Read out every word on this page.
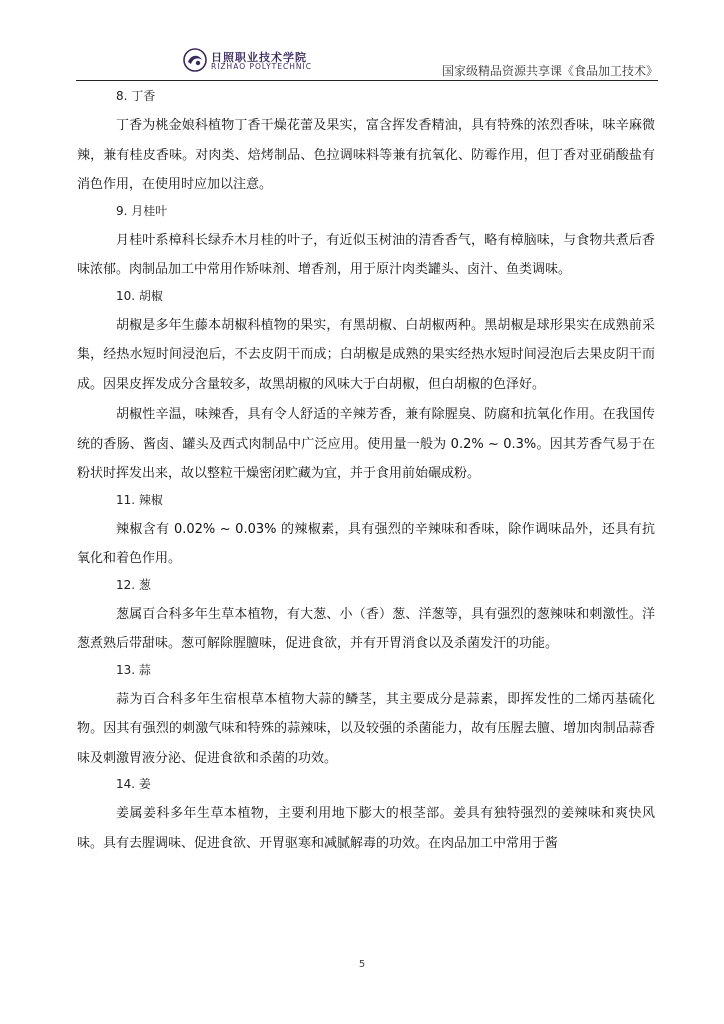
日照职业技术学院
RIZHAO POLYTECHNIC	国家级精品资源共享课《食品加工技术》
8. 丁香

丁香为桃金娘科植物丁香干燥花蕾及果实，富含挥发香精油，具有特殊的浓烈香味，味辛麻微辣，兼有桂皮香味。对肉类、焙烤制品、色拉调味料等兼有抗氧化、防霉作用，但丁香对亚硝酸盐有消色作用，在使用时应加以注意。

9. 月桂叶

月桂叶系樟科长绿乔木月桂的叶子，有近似玉树油的清香香气，略有樟脑味，与食物共煮后香味浓郁。肉制品加工中常用作矫味剂、增香剂，用于原汁肉类罐头、卤汁、鱼类调味。

10. 胡椒

胡椒是多年生藤本胡椒科植物的果实，有黑胡椒、白胡椒两种。黑胡椒是球形果实在成熟前采集，经热水短时间浸泡后，不去皮阴干而成；白胡椒是成熟的果实经热水短时间浸泡后去果皮阴干而成。因果皮挥发成分含量较多，故黑胡椒的风味大于白胡椒，但白胡椒的色泽好。

胡椒性辛温，味辣香，具有令人舒适的辛辣芳香，兼有除腥臭、防腐和抗氧化作用。在我国传统的香肠、酱卤、罐头及西式肉制品中广泛应用。使用量一般为 0.2% ~ 0.3%。因其芳香气易于在粉状时挥发出来，故以整粒干燥密闭贮藏为宜，并于食用前始碾成粉。

11. 辣椒

辣椒含有 0.02% ~ 0.03% 的辣椒素，具有强烈的辛辣味和香味，除作调味品外，还具有抗氧化和着色作用。

12. 葱

葱属百合科多年生草本植物，有大葱、小（香）葱、洋葱等，具有强烈的葱辣味和刺激性。洋葱煮熟后带甜味。葱可解除腥膻味，促进食欲，并有开胃消食以及杀菌发汗的功能。

13. 蒜

蒜为百合科多年生宿根草本植物大蒜的鳞茎，其主要成分是蒜素，即挥发性的二烯丙基硫化物。因其有强烈的刺激气味和特殊的蒜辣味，以及较强的杀菌能力，故有压腥去膻、增加肉制品蒜香味及刺激胃液分泌、促进食欲和杀菌的功效。

14. 姜

姜属姜科多年生草本植物，主要利用地下膨大的根茎部。姜具有独特强烈的姜辣味和爽快风味。具有去腥调味、促进食欲、开胃驱寒和减腻解毒的功效。在肉品加工中常用于酱

5
